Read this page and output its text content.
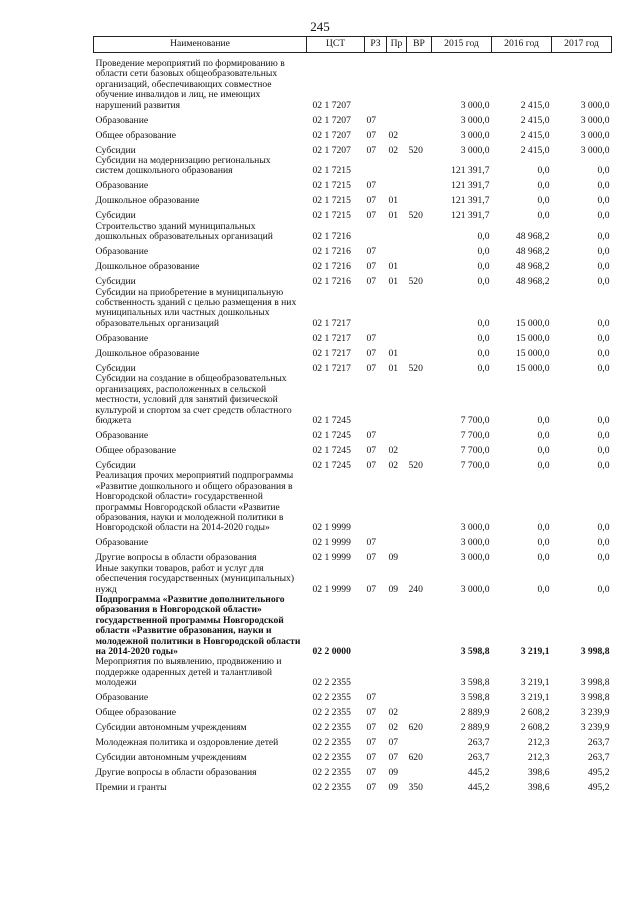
245
Наименование	ЦСТ	РЗ	Пр	ВР	2015 год	2016 год	2017 год
Проведение мероприятий по формированию в области сети базовых общеобразовательных организаций, обеспечивающих совместное обучение инвалидов и лиц, не имеющих нарушений развития	02 1 7207				3 000,0	2 415,0	3 000,0
Образование	02 1 7207	07			3 000,0	2 415,0	3 000,0
Общее образование	02 1 7207	07	02		3 000,0	2 415,0	3 000,0
Субсидии	02 1 7207	07	02	520	3 000,0	2 415,0	3 000,0
Субсидии на модернизацию региональных систем дошкольного образования	02 1 7215				121 391,7	0,0	0,0
Образование	02 1 7215	07			121 391,7	0,0	0,0
Дошкольное образование	02 1 7215	07	01		121 391,7	0,0	0,0
Субсидии	02 1 7215	07	01	520	121 391,7	0,0	0,0
Строительство зданий муниципальных дошкольных образовательных организаций	02 1 7216				0,0	48 968,2	0,0
Образование	02 1 7216	07			0,0	48 968,2	0,0
Дошкольное образование	02 1 7216	07	01		0,0	48 968,2	0,0
Субсидии	02 1 7216	07	01	520	0,0	48 968,2	0,0
Субсидии на приобретение в муниципальную собственность зданий с целью размещения в них муниципальных или частных дошкольных образовательных организаций	02 1 7217				0,0	15 000,0	0,0
Образование	02 1 7217	07			0,0	15 000,0	0,0
Дошкольное образование	02 1 7217	07	01		0,0	15 000,0	0,0
Субсидии	02 1 7217	07	01	520	0,0	15 000,0	0,0
Субсидии на создание в общеобразовательных организациях, расположенных в сельской местности, условий для занятий физической культурой и спортом за счет средств областного бюджета	02 1 7245				7 700,0	0,0	0,0
Образование	02 1 7245	07			7 700,0	0,0	0,0
Общее образование	02 1 7245	07	02		7 700,0	0,0	0,0
Субсидии	02 1 7245	07	02	520	7 700,0	0,0	0,0
Реализация прочих мероприятий подпрограммы «Развитие дошкольного и общего образования в Новгородской области» государственной программы Новгородской области «Развитие образования, науки и молодежной политики в Новгородской области на 2014-2020 годы»	02 1 9999				3 000,0	0,0	0,0
Образование	02 1 9999	07			3 000,0	0,0	0,0
Другие вопросы в области образования	02 1 9999	07	09		3 000,0	0,0	0,0
Иные закупки товаров, работ и услуг для обеспечения государственных (муниципальных) нужд	02 1 9999	07	09	240	3 000,0	0,0	0,0
Подпрограмма «Развитие дополнительного образования в Новгородской области» государственной программы Новгородской области «Развитие образования, науки и молодежной политики в Новгородской области на 2014-2020 годы»	02 2 0000				3 598,8	3 219,1	3 998,8
Мероприятия по выявлению, продвижению и поддержке одаренных детей и талантливой молодежи	02 2 2355				3 598,8	3 219,1	3 998,8
Образование	02 2 2355	07			3 598,8	3 219,1	3 998,8
Общее образование	02 2 2355	07	02		2 889,9	2 608,2	3 239,9
Субсидии автономным учреждениям	02 2 2355	07	02	620	2 889,9	2 608,2	3 239,9
Молодежная политика и оздоровление детей	02 2 2355	07	07		263,7	212,3	263,7
Субсидии автономным учреждениям	02 2 2355	07	07	620	263,7	212,3	263,7
Другие вопросы в области образования	02 2 2355	07	09		445,2	398,6	495,2
Премии и гранты	02 2 2355	07	09	350	445,2	398,6	495,2
